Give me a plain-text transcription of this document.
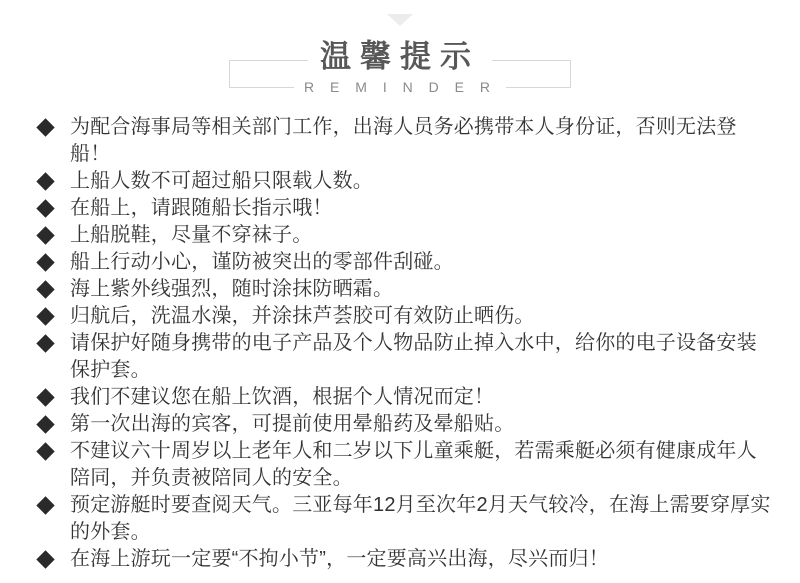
温馨提示
R E M I N D E R
为配合海事局等相关部门工作，出海人员务必携带本人身份证，否则无法登船！
上船人数不可超过船只限载人数。
在船上，请跟随船长指示哦！
上船脱鞋，尽量不穿袜子。
船上行动小心，谨防被突出的零部件刮碰。
海上紫外线强烈，随时涂抹防晒霜。
归航后，洗温水澡，并涂抹芦荟胶可有效防止晒伤。
请保护好随身携带的电子产品及个人物品防止掉入水中，给你的电子设备安装保护套。
我们不建议您在船上饮酒，根据个人情况而定！
第一次出海的宾客，可提前使用晕船药及晕船贴。
不建议六十周岁以上老年人和二岁以下儿童乘艇，若需乘艇必须有健康成年人陪同，并负责被陪同人的安全。
预定游艇时要查阅天气。三亚每年12月至次年2月天气较冷，在海上需要穿厚实的外套。
在海上游玩一定要“不拘小节”，一定要高兴出海，尽兴而归！
